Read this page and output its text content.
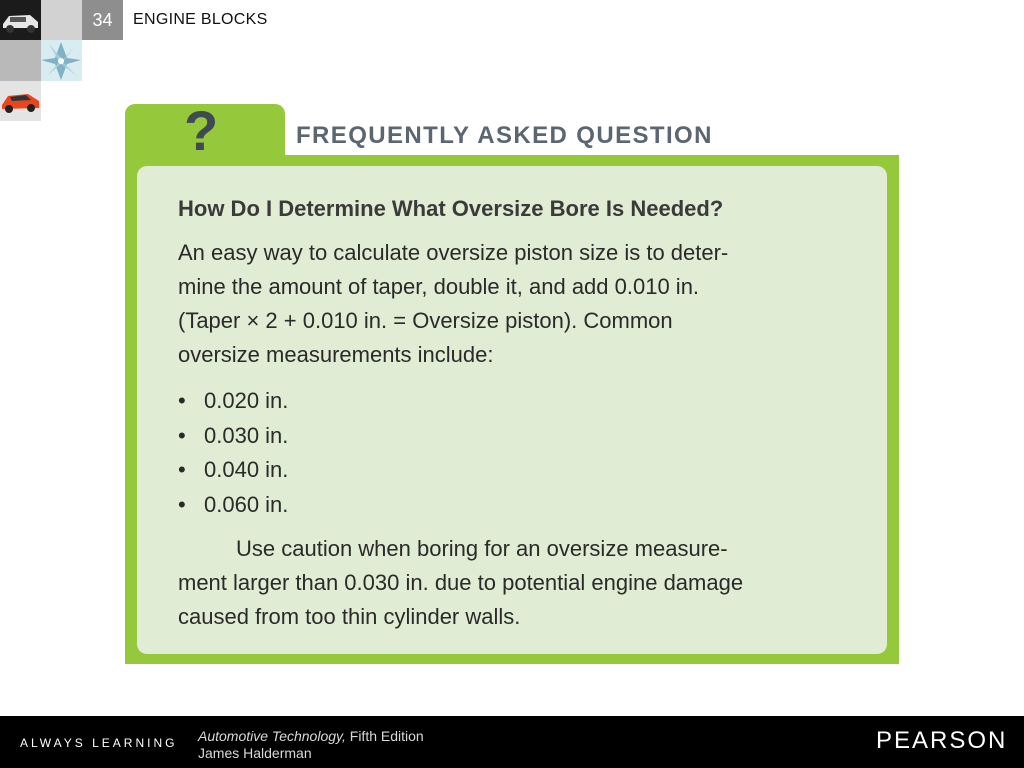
34	ENGINE BLOCKS
?	FREQUENTLY ASKED QUESTION

How Do I Determine What Oversize Bore Is Needed?

An easy way to calculate oversize piston size is to deter-
mine the amount of taper, double it, and add 0.010 in.
(Taper × 2 + 0.010 in. = Oversize piston). Common
oversize measurements include:

• 0.020 in.
• 0.030 in.
• 0.040 in.
• 0.060 in.

Use caution when boring for an oversize measure-
ment larger than 0.030 in. due to potential engine damage
caused from too thin cylinder walls.

ALWAYS LEARNING Automotive Technology, Fifth Edition
James Halderman	PEARSON
